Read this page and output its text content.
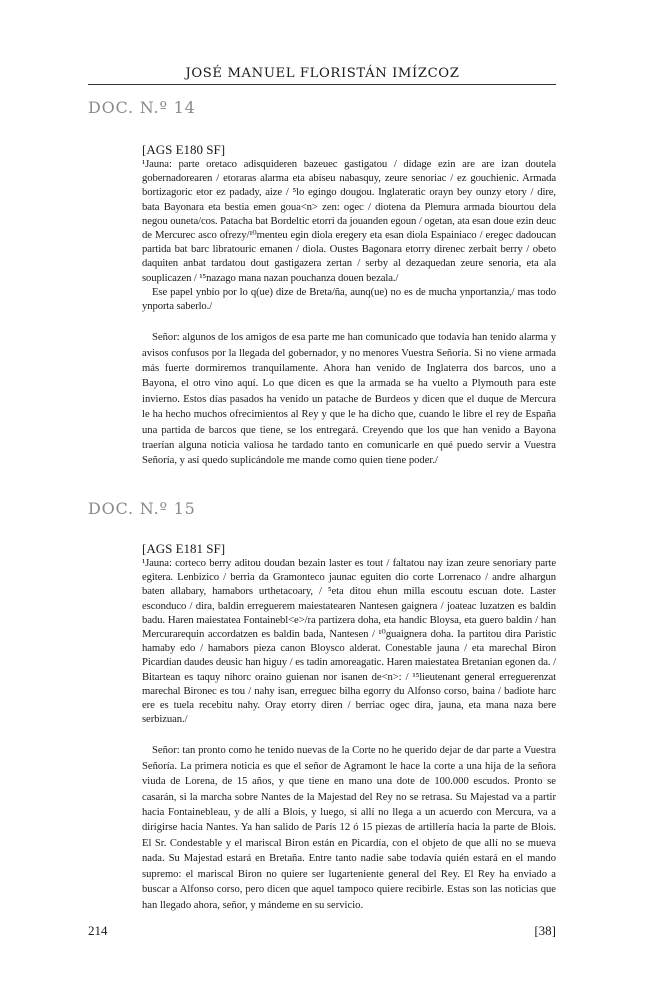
JOSÉ MANUEL FLORISTÁN IMÍZCOZ
DOC. N.º 14

[AGS E180 SF]

¹Jauna: parte oretaco adisquideren bazeuec gastigatou / didage ezin are are izan doutela gobernadorearen / etoraras alarma eta abiseu nabasquy, zeure senoriac / ez gouchienic. Armada bortizagoric etor ez padady, aize / ⁵lo egingo dougou. Inglateratic orayn bey ounzy etory / dire, bata Bayonara eta bestia emen goua<n> zen: ogec / diotena da Plemura armada biourtou dela negou ouneta/cos. Patacha bat Bordeltic etorri da jouanden egoun / ogetan, ata esan doue ezin deuc de Mercurec asco ofrezy/¹⁰menteu egin diola eregery eta esan diola Espainiaco / eregec dadoucan partida bat barc libratouric emanen / diola. Oustes Bagonara etorry direnec zerbait berry / obeto daquiten anbat tardatou dout gastigazera zertan / serby al dezaquedan zeure senoria, eta ala souplicazen / ¹⁵nazago mana nazan pouchanza douen bezala./

Ese papel ynbío por lo q(ue) dize de Breta/ña, aunq(ue) no es de mucha ynportanzia,/ mas todo ynporta saberlo./

Señor: algunos de los amigos de esa parte me han comunicado que todavía han tenido alarma y avisos confusos por la llegada del gobernador, y no menores Vuestra Señoría. Si no viene armada más fuerte dormiremos tranquilamente. Ahora han venido de Inglaterra dos barcos, uno a Bayona, el otro vino aquí. Lo que dicen es que la armada se ha vuelto a Plymouth para este invierno. Estos días pasados ha venido un patache de Burdeos y dicen que el duque de Mercura le ha hecho muchos ofrecimientos al Rey y que le ha dicho que, cuando le libre el rey de España una partida de barcos que tiene, se los entregará. Creyendo que los que han venido a Bayona traerían alguna noticia valiosa he tardado tanto en comunicarle en qué puedo servir a Vuestra Señoría, y así quedo suplicándole me mande como quien tiene poder./

DOC. N.º 15

[AGS E181 SF]

¹Jauna: corteco berry aditou doudan bezain laster es tout / faltatou nay izan zeure senoriary parte egitera. Lenbizico / berria da Gramonteco jaunac eguiten dio corte Lorrenaco / andre alhargun baten allabary, hamabors urthetacoary, / ⁵eta ditou ehun milla escoutu escuan dote. Laster esconduco / dira, baldin erreguerem maiestatearen Nantesen gaignera / joateac luzatzen es baldin badu. Haren maiestatea Fontainebl<e>/ra partizera doha, eta handic Bloysa, eta guero baldin / han Mercurarequin accordatzen es baldin bada, Nantesen / ¹⁰guaignera doha. Ia partitou dira Paristic hamaby edo / hamabors pieza canon Bloysco alderat. Conestable jauna / eta marechal Biron Picardian daudes deusic han higuy / es tadin amoreagatic. Haren maiestatea Bretanian egonen da. / Bitartean es taquy nihorc oraino guienan nor isanen de<n>: / ¹⁵lieutenant general erreguerenzat marechal Bironec es tou / nahy isan, erreguec bilha egorry du Alfonso corso, baina / badiote harc ere es tuela recebitu nahy. Oray etorry diren / berriac ogec dira, jauna, eta mana naza bere serbizuan./

Señor: tan pronto como he tenido nuevas de la Corte no he querido dejar de dar parte a Vuestra Señoría. La primera noticia es que el señor de Agramont le hace la corte a una hija de la señora viuda de Lorena, de 15 años, y que tiene en mano una dote de 100.000 escudos. Pronto se casarán, si la marcha sobre Nantes de la Majestad del Rey no se retrasa. Su Majestad va a partir hacia Fontainebleau, y de allí a Blois, y luego, si allí no llega a un acuerdo con Mercura, va a dirigirse hacia Nantes. Ya han salido de París 12 ó 15 piezas de artillería hacia la parte de Blois. El Sr. Condestable y el mariscal Biron están en Picardía, con el objeto de que allí no se mueva nada. Su Majestad estará en Bretaña. Entre tanto nadie sabe todavía quién estará en el mando supremo: el mariscal Biron no quiere ser lugarteniente general del Rey. El Rey ha enviado a buscar a Alfonso corso, pero dicen que aquel tampoco quiere recibirle. Estas son las noticias que han llegado ahora, señor, y mándeme en su servicio.

214	[38]
